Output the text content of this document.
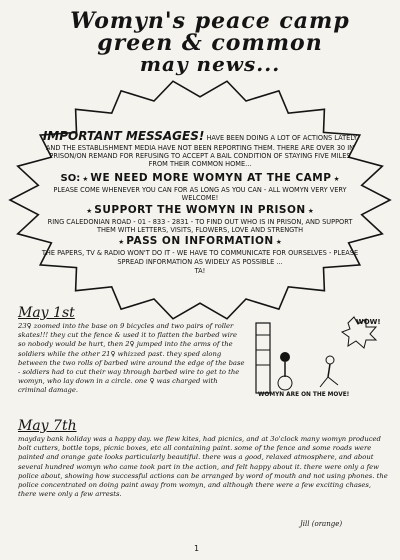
Womyn's peace camp
green & common
may news...

IMPORTANT MESSAGES! HAVE BEEN DOING A LOT OF ACTIONS LATELY AND THE ESTABLISHMENT MEDIA HAVE NOT BEEN REPORTING THEM. THERE ARE OVER 30 IN PRISON/ON REMAND FOR REFUSING TO ACCEPT A BAIL CONDITION OF STAYING FIVE MILES FROM THEIR COMMON HOME...

SO: ★ WE NEED MORE WOMYN AT THE CAMP ★

PLEASE COME WHENEVER YOU CAN FOR AS LONG AS YOU CAN - ALL WOMYN VERY VERY WELCOME!

★ SUPPORT THE WOMYN IN PRISON ★

RING CALEDONIAN ROAD - 01 - 833 - 2831 - TO FIND OUT WHO IS IN PRISON, AND SUPPORT THEM WITH LETTERS, VISITS, FLOWERS, LOVE AND STRENGTH

★ PASS ON INFORMATION ★

THE PAPERS, TV & RADIO WON'T DO IT - WE HAVE TO COMMUNICATE FOR OURSELVES - PLEASE SPREAD INFORMATION AS WIDELY AS POSSIBLE ...

TA!

May 1st
23♀ zoomed into the base on 9 bicycles and two pairs of roller skates!!! they cut the fence & used it to flatten the barbed wire so nobody would be hurt, then 2♀ jumped into the arms of the soldiers while the other 21♀ whizzed past. they sped along between the two rolls of barbed wire around the edge of the base - soldiers had to cut their way through barbed wire to get to the womyn, who lay down in a circle. one ♀ was charged with criminal damage.
WOW!
WOMYN ARE ON THE MOVE!
May 7th
mayday bank holiday was a happy day. we flew kites, had picnics, and at 3o'clock many womyn produced bolt cutters, bottle tops, picnic boxes, etc all containing paint. some of the fence and some roads were painted and orange gate looks particularly beautiful. there was a good, relaxed atmosphere, and about several hundred womyn who came took part in the action, and felt happy about it. there were only a few police about, showing how successful actions can be arranged by word of mouth and not using phones. the police concentrated on doing paint away from womyn, and although there were a few exciting chases, there were only a few arrests.
Jill (orange)
1
